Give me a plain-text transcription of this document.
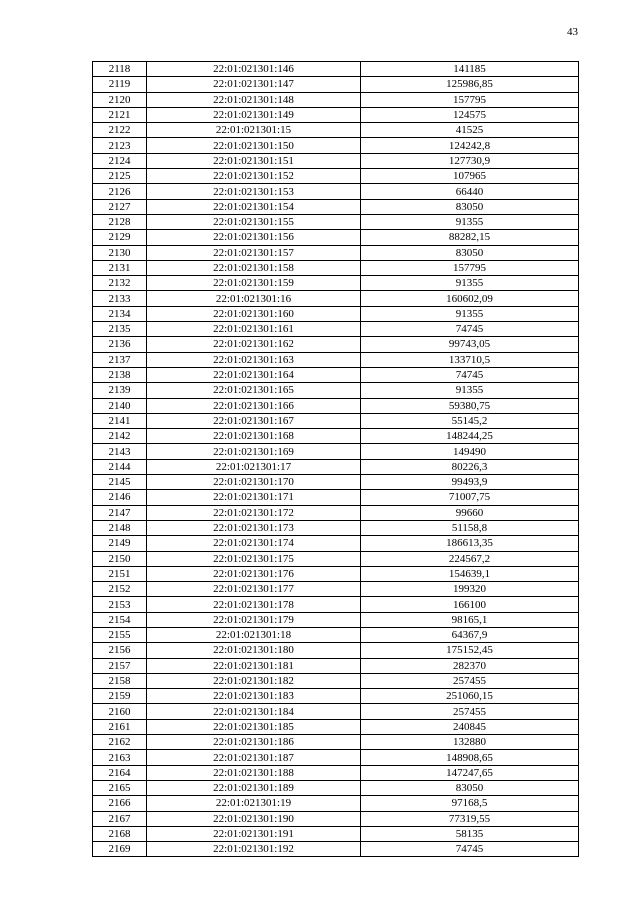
43
2118	22:01:021301:146	141185
2119	22:01:021301:147	125986,85
2120	22:01:021301:148	157795
2121	22:01:021301:149	124575
2122	22:01:021301:15	41525
2123	22:01:021301:150	124242,8
2124	22:01:021301:151	127730,9
2125	22:01:021301:152	107965
2126	22:01:021301:153	66440
2127	22:01:021301:154	83050
2128	22:01:021301:155	91355
2129	22:01:021301:156	88282,15
2130	22:01:021301:157	83050
2131	22:01:021301:158	157795
2132	22:01:021301:159	91355
2133	22:01:021301:16	160602,09
2134	22:01:021301:160	91355
2135	22:01:021301:161	74745
2136	22:01:021301:162	99743,05
2137	22:01:021301:163	133710,5
2138	22:01:021301:164	74745
2139	22:01:021301:165	91355
2140	22:01:021301:166	59380,75
2141	22:01:021301:167	55145,2
2142	22:01:021301:168	148244,25
2143	22:01:021301:169	149490
2144	22:01:021301:17	80226,3
2145	22:01:021301:170	99493,9
2146	22:01:021301:171	71007,75
2147	22:01:021301:172	99660
2148	22:01:021301:173	51158,8
2149	22:01:021301:174	186613,35
2150	22:01:021301:175	224567,2
2151	22:01:021301:176	154639,1
2152	22:01:021301:177	199320
2153	22:01:021301:178	166100
2154	22:01:021301:179	98165,1
2155	22:01:021301:18	64367,9
2156	22:01:021301:180	175152,45
2157	22:01:021301:181	282370
2158	22:01:021301:182	257455
2159	22:01:021301:183	251060,15
2160	22:01:021301:184	257455
2161	22:01:021301:185	240845
2162	22:01:021301:186	132880
2163	22:01:021301:187	148908,65
2164	22:01:021301:188	147247,65
2165	22:01:021301:189	83050
2166	22:01:021301:19	97168,5
2167	22:01:021301:190	77319,55
2168	22:01:021301:191	58135
2169	22:01:021301:192	74745
